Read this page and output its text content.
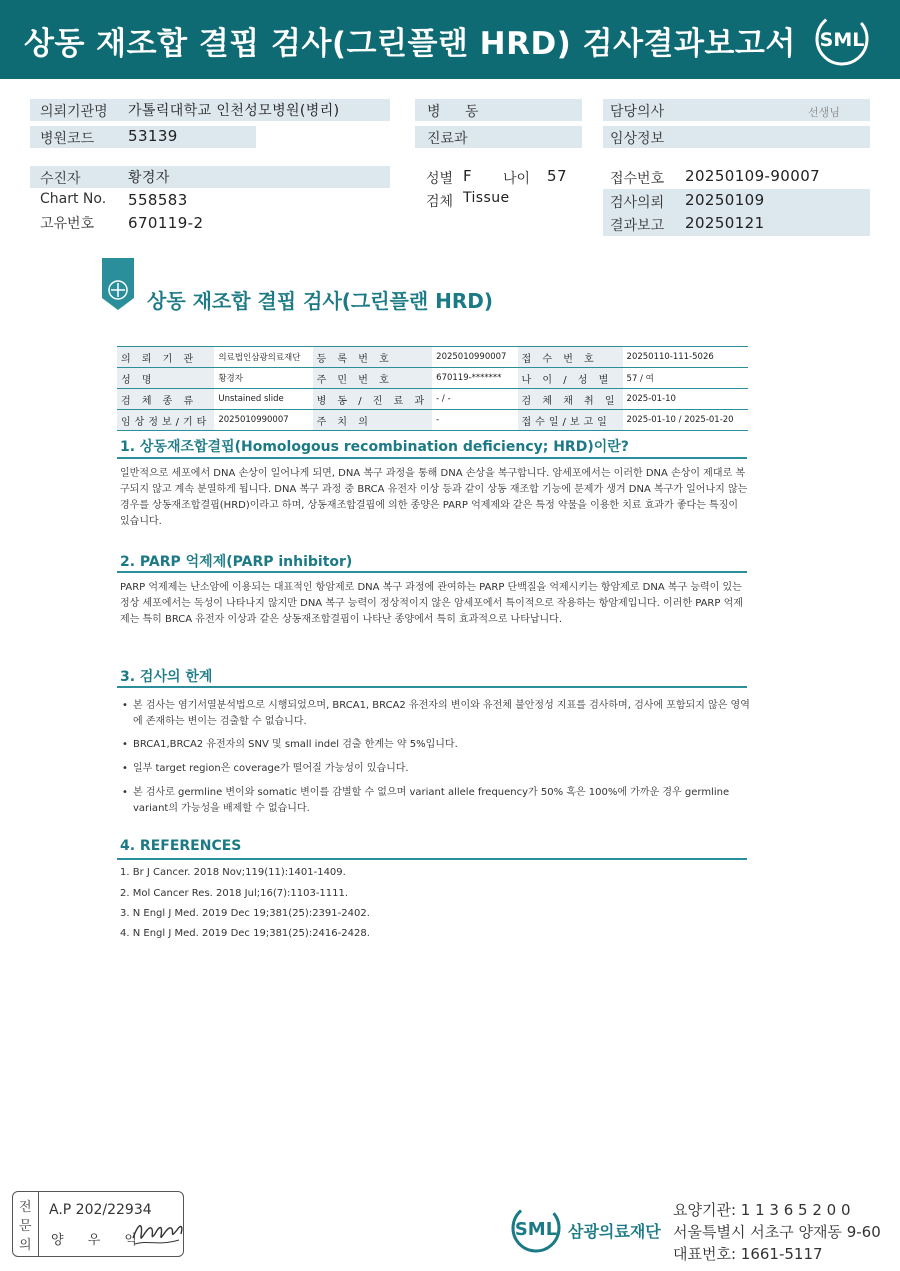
상동 재조합 결핍 검사(그린플랜 HRD) 검사결과보고서 SML
의뢰기관명 가톨릭대학교 인천성모병원(병리)
병원코드 53139
병 동
진료과
담당의사	선생님
임상정보
수진자	황경자
Chart No. 558583
고유번호 670119-2
성별 F 나이 57
검체 Tissue
접수번호 20250109-90007
검사의뢰 20250109
결과보고 20250121
상동 재조합 결핍 검사(그린플랜 HRD)
의 뢰 기 관	의료법인삼광의료재단	등 록 번 호	2025010990007	접 수 번 호	20250110-111-5026
성 명	황경자	주 민 번 호	670119-*******	나 이 / 성 별	57 / 여
검 체 종 류	Unstained slide	병 동 / 진 료 과	- / -	검 체 채 취 일	2025-01-10
임상정보/기타	2025010990007	주 치 의	-	접수일/보고일	2025-01-10 / 2025-01-20
1. 상동재조합결핍(Homologous recombination deficiency; HRD)이란?
일반적으로 세포에서 DNA 손상이 일어나게 되면, DNA 복구 과정을 통해 DNA 손상을 복구합니다. 암세포에서는 이러한 DNA 손상이 제대로 복구되지 않고 계속 분열하게 됩니다. DNA 복구 과정 중 BRCA 유전자 이상 등과 같이 상동 재조합 기능에 문제가 생겨 DNA 복구가 일어나지 않는 경우를 상동재조합결핍(HRD)이라고 하며, 상동재조합결핍에 의한 종양은 PARP 억제제와 같은 특정 약물을 이용한 치료 효과가 좋다는 특징이 있습니다.
2. PARP 억제제(PARP inhibitor)
PARP 억제제는 난소암에 이용되는 대표적인 항암제로 DNA 복구 과정에 관여하는 PARP 단백질을 억제시키는 항암제로 DNA 복구 능력이 있는 정상 세포에서는 독성이 나타나지 않지만 DNA 복구 능력이 정상적이지 않은 암세포에서 특이적으로 작용하는 항암제입니다. 이러한 PARP 억제제는 특히 BRCA 유전자 이상과 같은 상동재조합결핍이 나타난 종양에서 특히 효과적으로 나타납니다.
3. 검사의 한계
• 본 검사는 염기서열분석법으로 시행되었으며, BRCA1, BRCA2 유전자의 변이와 유전체 불안정성 지표를 검사하며, 검사에 포함되지 않은 영역에 존재하는 변이는 검출할 수 없습니다.
• BRCA1,BRCA2 유전자의 SNV 및 small indel 검출 한계는 약 5%입니다.
• 일부 target region은 coverage가 떨어질 가능성이 있습니다.
• 본 검사로 germline 변이와 somatic 변이를 감별할 수 없으며 variant allele frequency가 50% 혹은 100%에 가까운 경우 germline variant의 가능성을 배제할 수 없습니다.
4. REFERENCES
1. Br J Cancer. 2018 Nov;119(11):1401-1409.
2. Mol Cancer Res. 2018 Jul;16(7):1103-1111.
3. N Engl J Med. 2019 Dec 19;381(25):2391-2402.
4. N Engl J Med. 2019 Dec 19;381(25):2416-2428.
전
문
의
A.P 202/22934
양 우 익
SML 삼광의료재단
요양기관: 1 1 3 6 5 2 0 0
서울특별시 서초구 양재동 9-60
대표번호: 1661-5117
